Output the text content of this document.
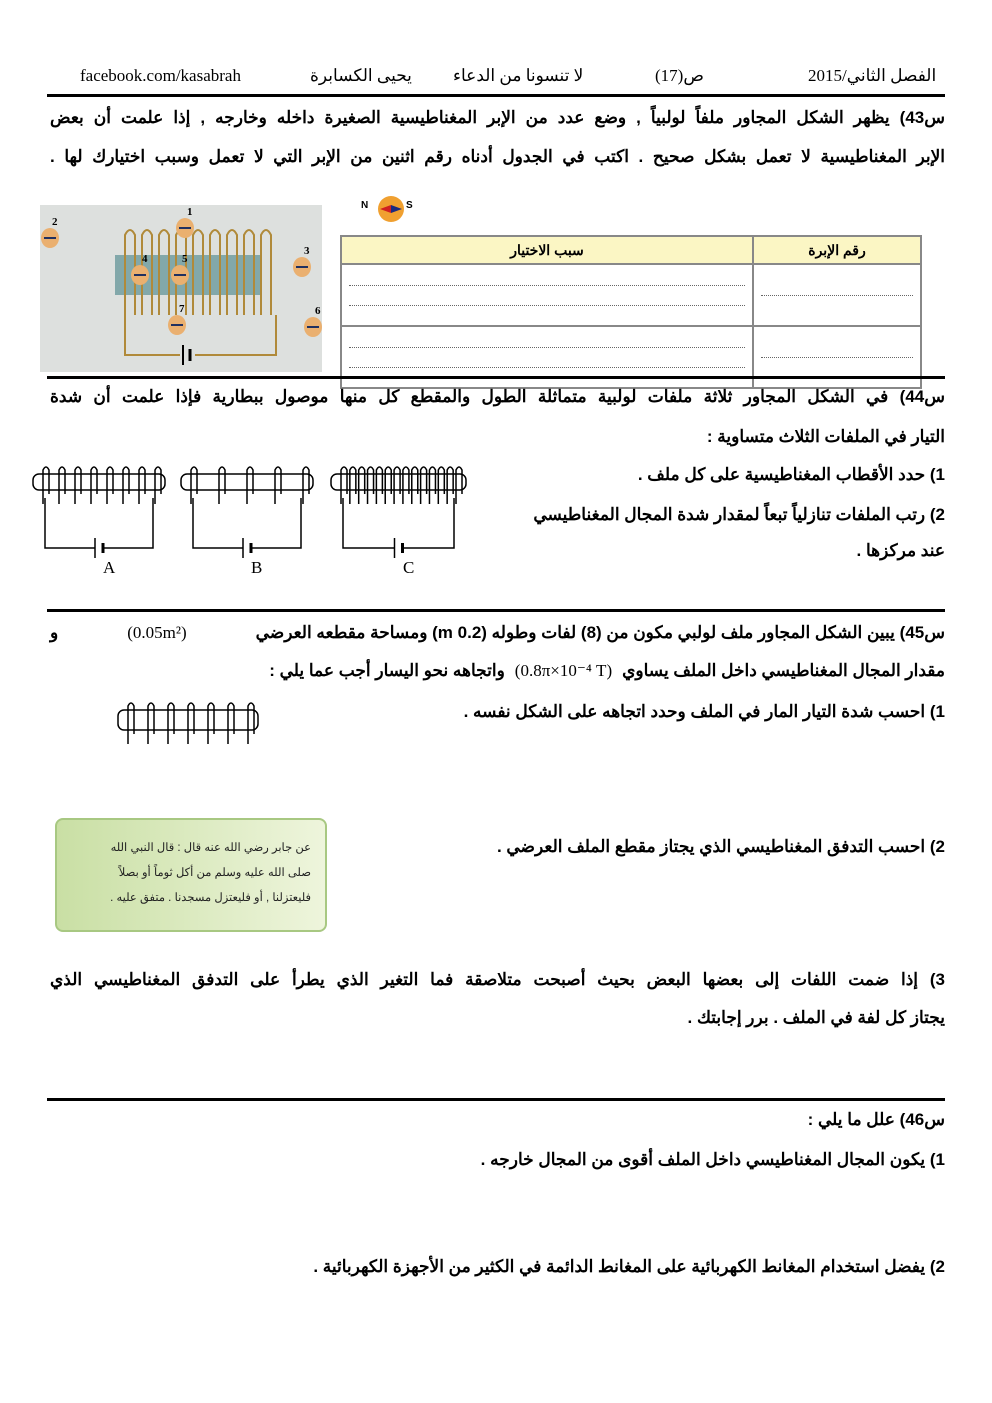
facebook.com/kasabrah	يحيى الكسابرة لا تنسونا من الدعاء	ص(17)	الفصل الثاني/2015
س43) يظهر الشكل المجاور ملفاً لولبياً , وضع عدد من الإبر المغناطيسية الصغيرة داخله وخارجه , إذا علمت أن بعض
الإبر المغناطيسية لا تعمل بشكل صحيح . اكتب في الجدول أدناه رقم اثنين من الإبر التي لا تعمل وسبب اختيارك لها .
1
2
3
4	5
6
7
N	S
رقم الإبرة	سبب الاختيار

س44) في الشكل المجاور ثلاثة ملفات لولبية متماثلة الطول والمقطع كل منها موصول ببطارية فإذا علمت أن شدة
التيار في الملفات الثلاث متساوية :
1) حدد الأقطاب المغناطيسية على كل ملف .
2) رتب الملفات تنازلياً تبعاً لمقدار شدة المجال المغناطيسي
عند مركزها .
A	B	C
س45) يبين الشكل المجاور ملف لولبي مكون من (8) لفات وطوله (0.2 m) ومساحة مقطعه العرضي
(0.05m²)
و
مقدار المجال المغناطيسي داخل الملف يساوي
(0.8π×10⁻⁴ T)
واتجاهه نحو اليسار أجب عما يلي :
1) احسب شدة التيار المار في الملف وحدد اتجاهه على الشكل نفسه .
2) احسب التدفق المغناطيسي الذي يجتاز مقطع الملف العرضي .
عن جابر رضي الله عنه قال : قال النبي الله
صلى الله عليه وسلم من أكل ثوماً أو بصلاً
فليعتزلنا , أو فليعتزل مسجدنا . متفق عليه .
3) إذا ضمت اللفات إلى بعضها البعض بحيث أصبحت متلاصقة فما التغير الذي يطرأ على التدفق المغناطيسي الذي
يجتاز كل لفة في الملف . برر إجابتك .
س46) علل ما يلي :
1) يكون المجال المغناطيسي داخل الملف أقوى من المجال خارجه .
2) يفضل استخدام المغانط الكهربائية على المغانط الدائمة في الكثير من الأجهزة الكهربائية .
